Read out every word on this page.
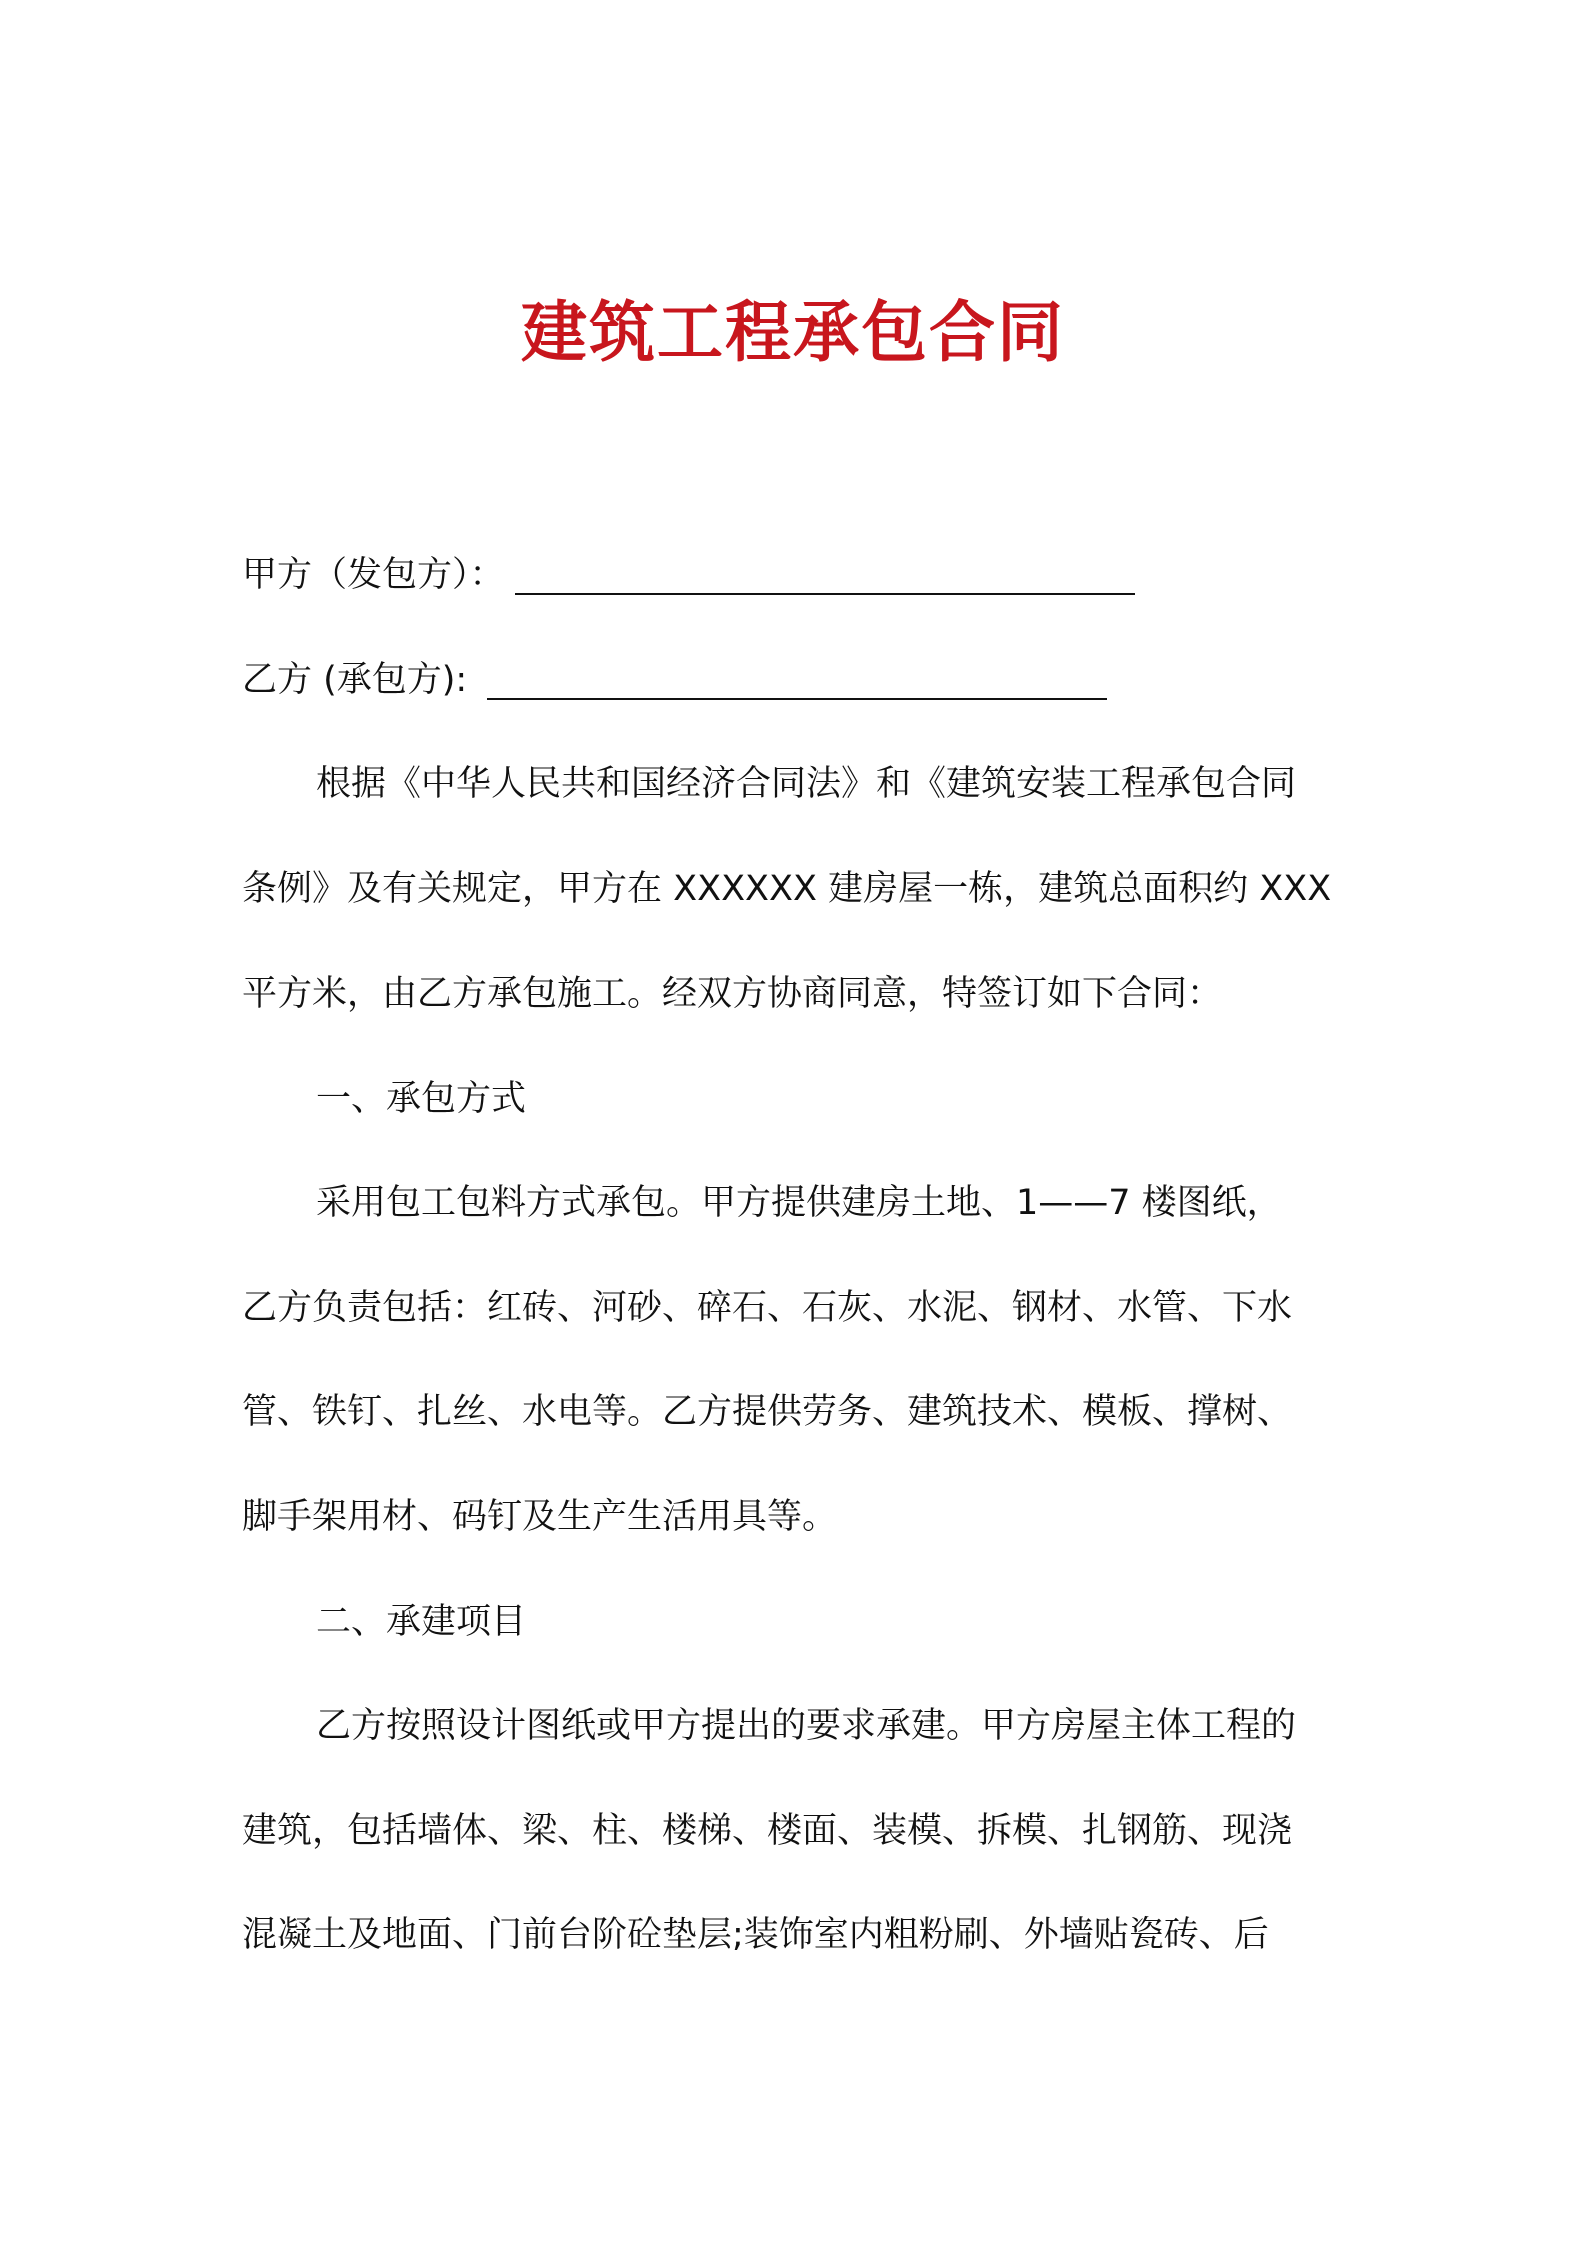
建筑工程承包合同
甲方（发包方）：
乙方 (承包方):
根据《中华人民共和国经济合同法》和《建筑安装工程承包合同
条例》及有关规定，甲方在 XXXXXX 建房屋一栋，建筑总面积约 XXX
平方米，由乙方承包施工。经双方协商同意，特签订如下合同：
一、承包方式
采用包工包料方式承包。甲方提供建房土地、1——7 楼图纸，
乙方负责包括：红砖、河砂、碎石、石灰、水泥、钢材、水管、下水
管、铁钉、扎丝、水电等。乙方提供劳务、建筑技术、模板、撑树、
脚手架用材、码钉及生产生活用具等。
二、承建项目
乙方按照设计图纸或甲方提出的要求承建。甲方房屋主体工程的
建筑，包括墙体、梁、柱、楼梯、楼面、装模、拆模、扎钢筋、现浇
混凝土及地面、门前台阶砼垫层;装饰室内粗粉刷、外墙贴瓷砖、后
